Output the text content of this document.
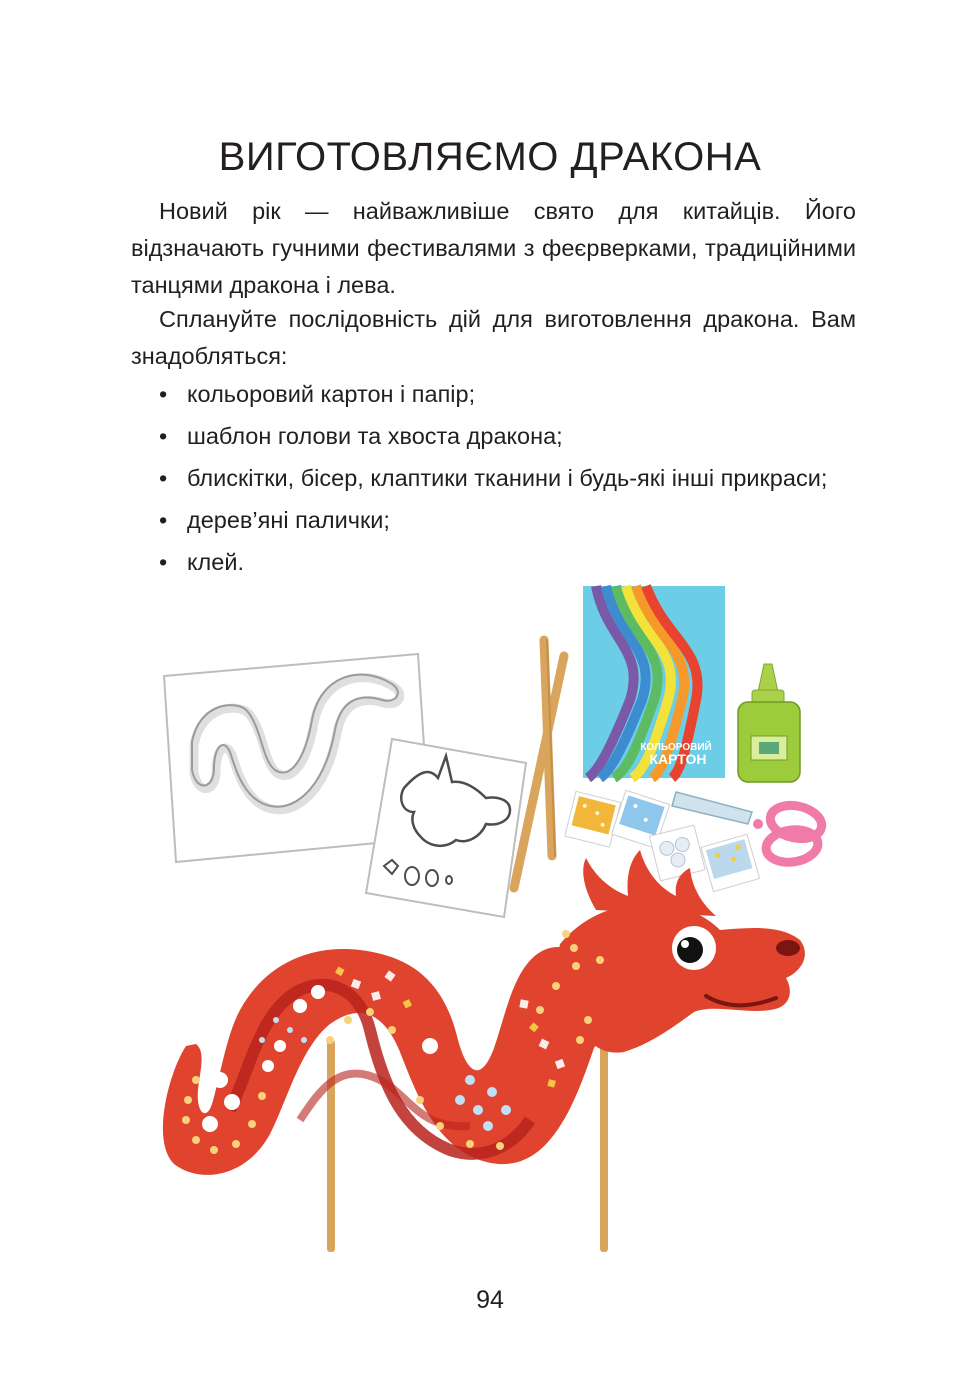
ВИГОТОВЛЯЄМО ДРАКОНА

Новий рік — найважливіше свято для китайців. Його відзначають гучними фестивалями з феєрверками, традиційними танцями дракона і лева.

Сплануйте послідовність дій для виготовлення дракона. Вам знадобляться:

• кольоровий картон і папір;
• шаблон голови та хвоста дракона;
• блискітки, бісер, клаптики тканини і будь-які інші прикраси;
• дерев’яні палички;
• клей.
КОЛЬОРОВИЙ
КАРТОН
94
